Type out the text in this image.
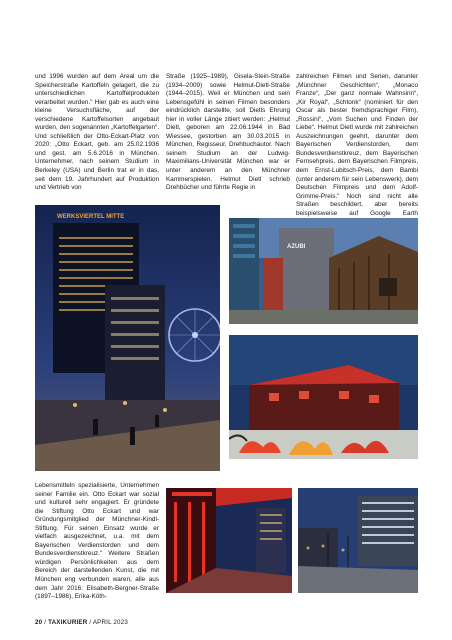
und 1996 wurden auf dem Areal um die Speicherstraße Kartoffeln gelagert, die zu unterschiedlichen Kartoffelprodukten verarbeitet wurden." Hier gab es auch eine kleine Versuchsfläche, auf der verschiedene Kartoffelsorten angebaut wurden, den sogenannten „Kartoffelgarten“. Und schließlich der Otto-Eckart-Platz von 2020: „Otto Eckart, geb. am 25.02.1936 und gest. am 5.6.2016 in München. Unternehmer, nach seinem Studium in Berkeley (USA) und Berlin trat er in das, seit dem 19. Jahrhundert auf Produktion und Vertrieb von

Straße (1925–1989), Gisela-Stein-Straße (1934–2009) sowie Helmut-Dietl-Straße (1944–2015). Weil er München und sein Lebensgefühl in seinen Filmen besonders eindrücklich darstellte, soll Dietls Ehrung hier in voller Länge zitiert werden: „Helmut Dietl, geboren am 22.06.1944 in Bad Wiessee, gestorben am 30.03.2015 in München, Regisseur, Drehbuchautor. Nach seinem Studium an der Ludwig-Maximilians-Universität München war er unter anderem an den Münchner Kammerspielen. Helmut Dietl schrieb Drehbücher und führte Regie in

zahlreichen Filmen und Serien, darunter „Münchner Geschichten“, „Monaco Franze“, „Der ganz normale Wahnsinn“, „Kir Royal“, „Schtonk“ (nominiert für den Oscar als bester fremdsprachiger Film), „Rossini“, „Vom Suchen und Finden der Liebe“. Helmut Dietl wurde mit zahlreichen Auszeichnungen geehrt, darunter dem Bayerischen Verdienstorden, dem Bundesverdienstkreuz, dem Bayerischen Fernsehpreis, dem Bayerischen Filmpreis, dem Ernst-Lubitsch-Preis, dem Bambi (unter anderem für sein Lebenswerk), dem Deutschen Filmpreis und dem Adolf-Grimme-Preis." Noch sind nicht alle Straßen beschildert, aber bereits beispielsweise auf Google Earth

WERKSVIERTEL MITTE
AZUBI

Lebensmitteln spezialisierte, Unternehmen seiner Familie ein. Otto Eckart war sozial und kulturell sehr engagiert. Er gründete die Stiftung Otto Eckart und war Gründungsmitglied der Münchner-Kindl-Stiftung. Für seinen Einsatz wurde er vielfach ausgezeichnet, u.a. mit dem Bayerischen Verdienstorden und dem Bundesverdienstkreuz." Weitere Straßen würdigen Persönlichkeiten aus dem Bereich der darstellenden Kunst, die mit München eng verbunden waren, alle aus dem Jahr 2016: Elisabeth-Bergner-Straße (1897–1986), Erika-Köth-

20 / TAXIKURIER / APRIL 2023
